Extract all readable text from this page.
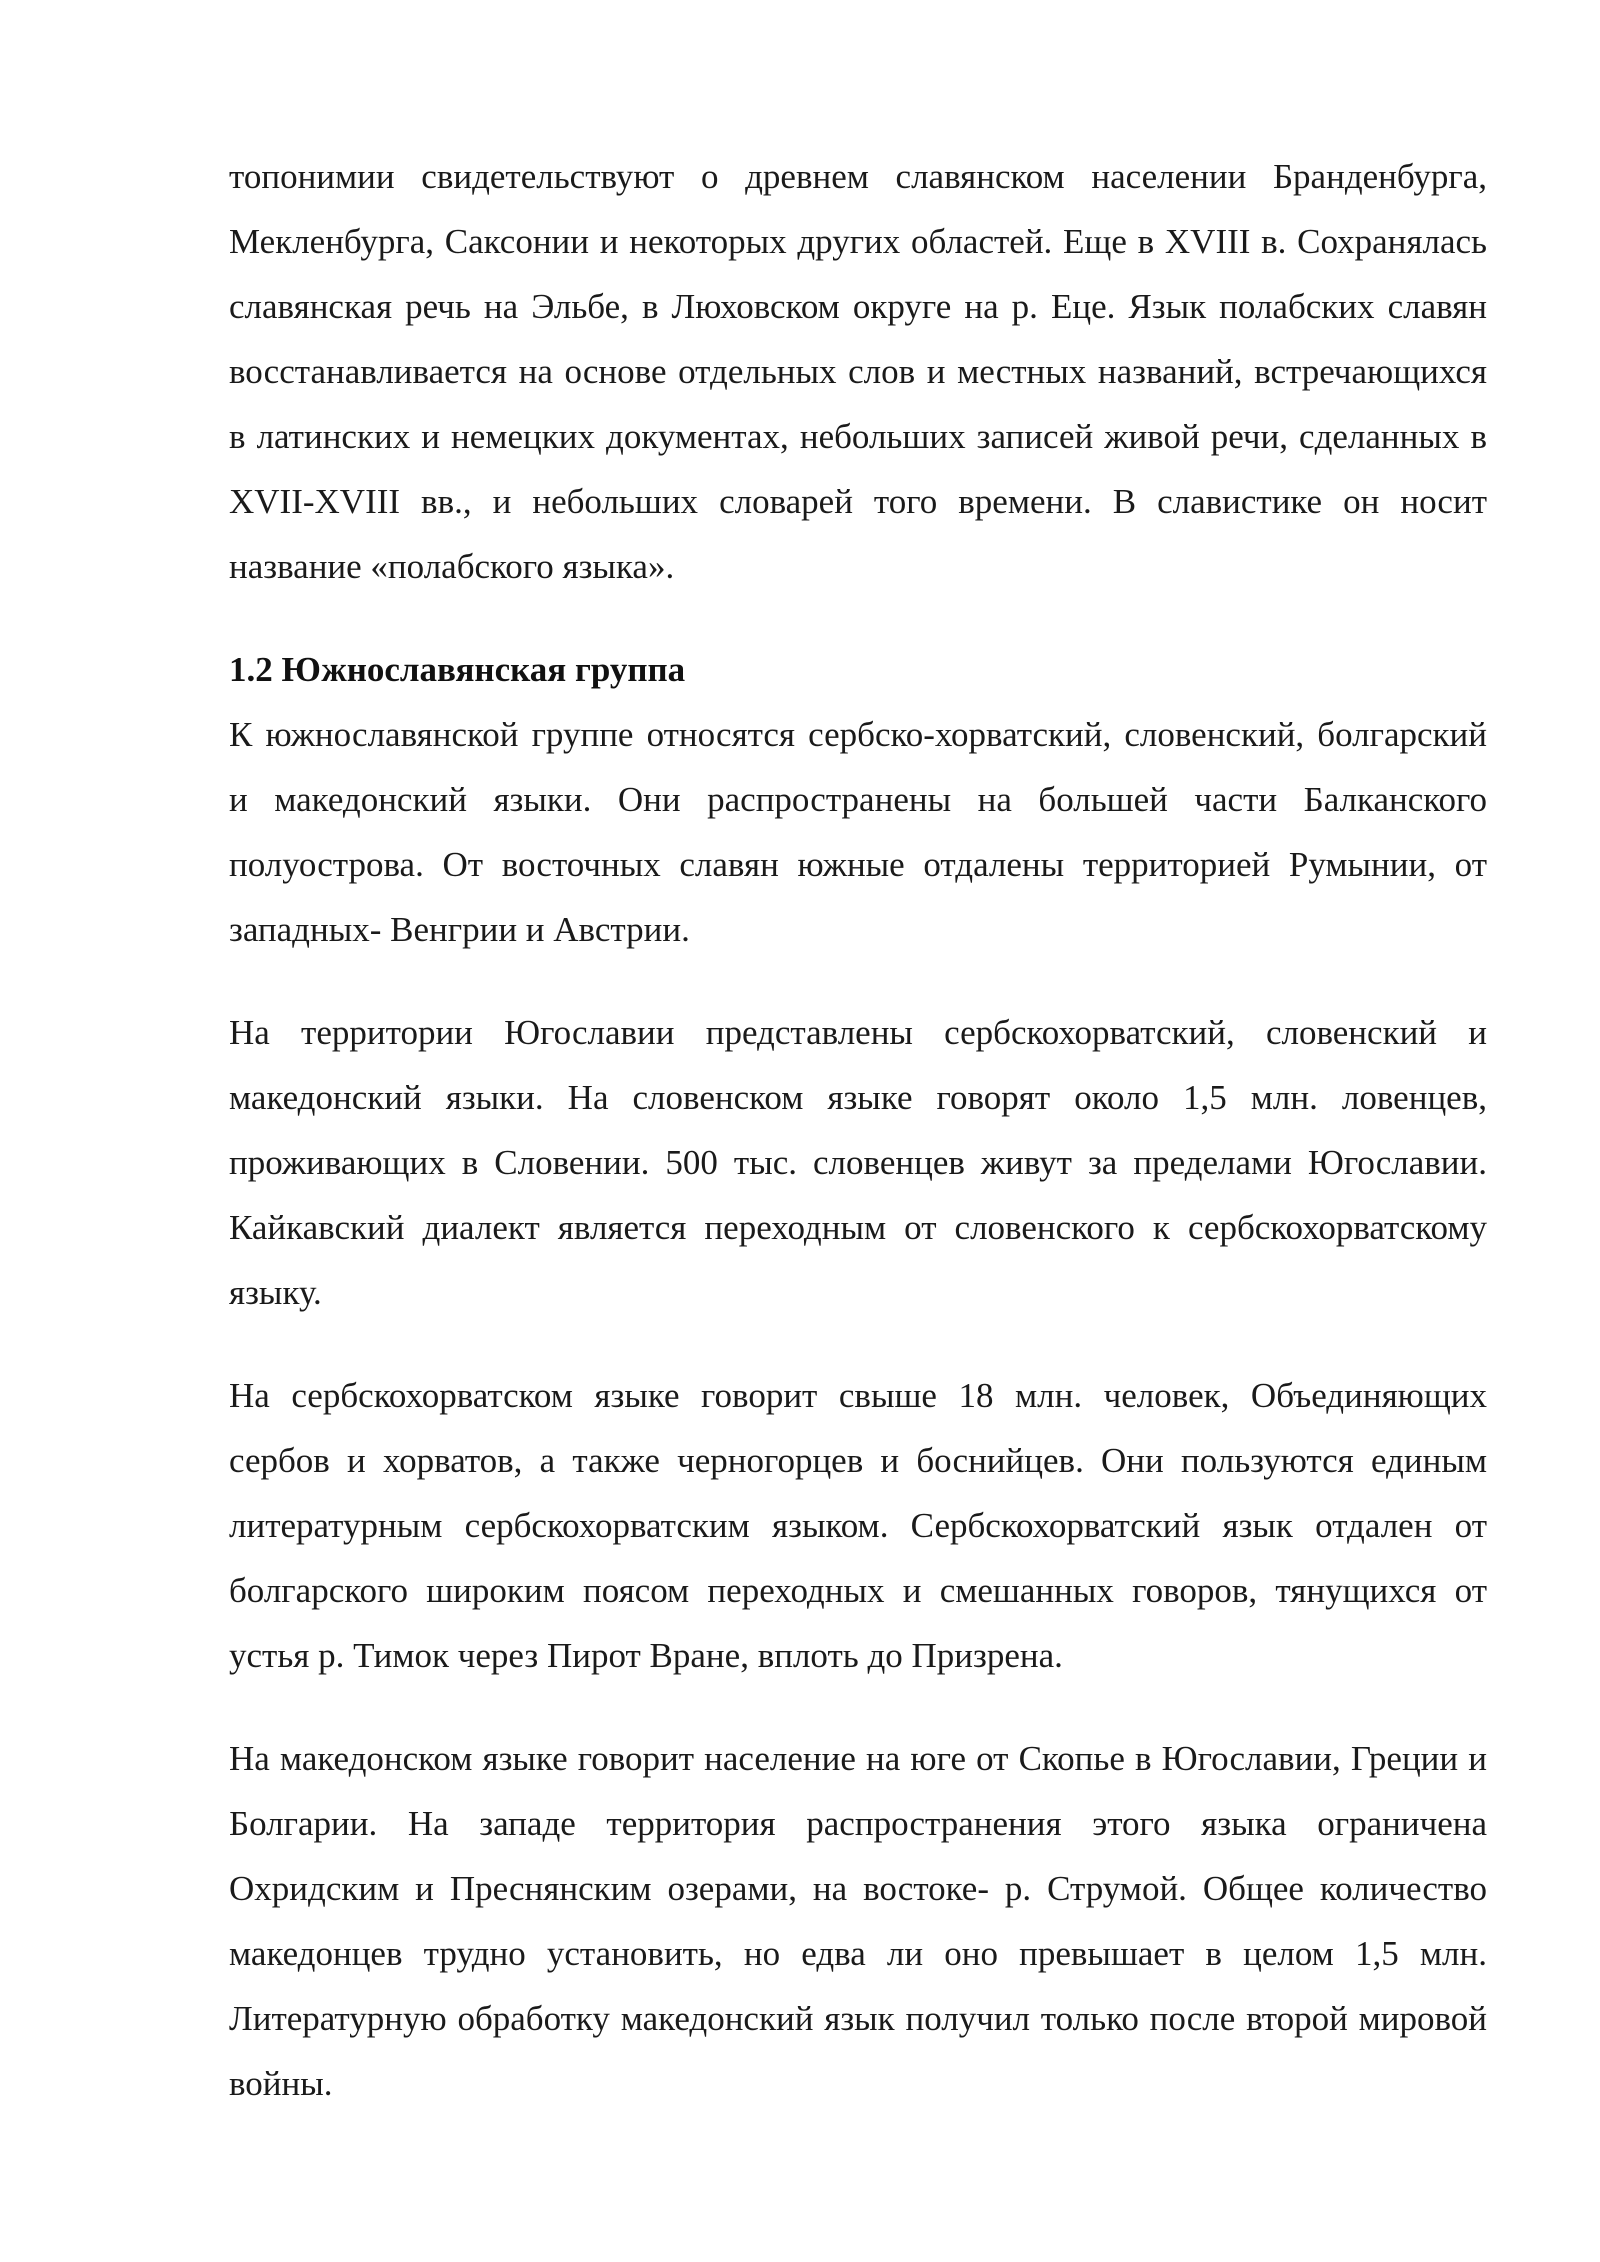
топонимии свидетельствуют о древнем славянском населении Бранденбурга, Мекленбурга, Саксонии и некоторых других областей. Еще в XVIII в. Сохранялась славянская речь на Эльбе, в Люховском округе на р. Еце. Язык полабских славян восстанавливается на основе отдельных слов и местных названий, встречающихся в латинских и немецких документах, небольших записей живой речи, сделанных в XVII-XVIII вв., и небольших словарей того времени. В славистике он носит название «полабского языка».

1.2 Южнославянская группа

К южнославянской группе относятся сербско-хорватский, словенский, болгарский и македонский языки. Они распространены на большей части Балканского полуострова. От восточных славян южные отдалены территорией Румынии, от западных- Венгрии и Австрии.

На территории Югославии представлены сербскохорватский, словенский и македонский языки. На словенском языке говорят около 1,5 млн. ловенцев, проживающих в Словении. 500 тыс. словенцев живут за пределами Югославии. Кайкавский диалект является переходным от словенского к сербскохорватскому языку.

На сербскохорватском языке говорит свыше 18 млн. человек, Объединяющих сербов и хорватов, а также черногорцев и боснийцев. Они пользуются единым литературным сербскохорватским языком. Сербскохорватский язык отдален от болгарского широким поясом переходных и смешанных говоров, тянущихся от устья р. Тимок через Пирот Вране, вплоть до Призрена.

На македонском языке говорит население на юге от Скопье в Югославии, Греции и Болгарии. На западе территория распространения этого языка ограничена Охридским и Преснянским озерами, на востоке- р. Струмой. Общее количество македонцев трудно установить, но едва ли оно превышает в целом 1,5 млн. Литературную обработку македонский язык получил только после второй мировой войны.
